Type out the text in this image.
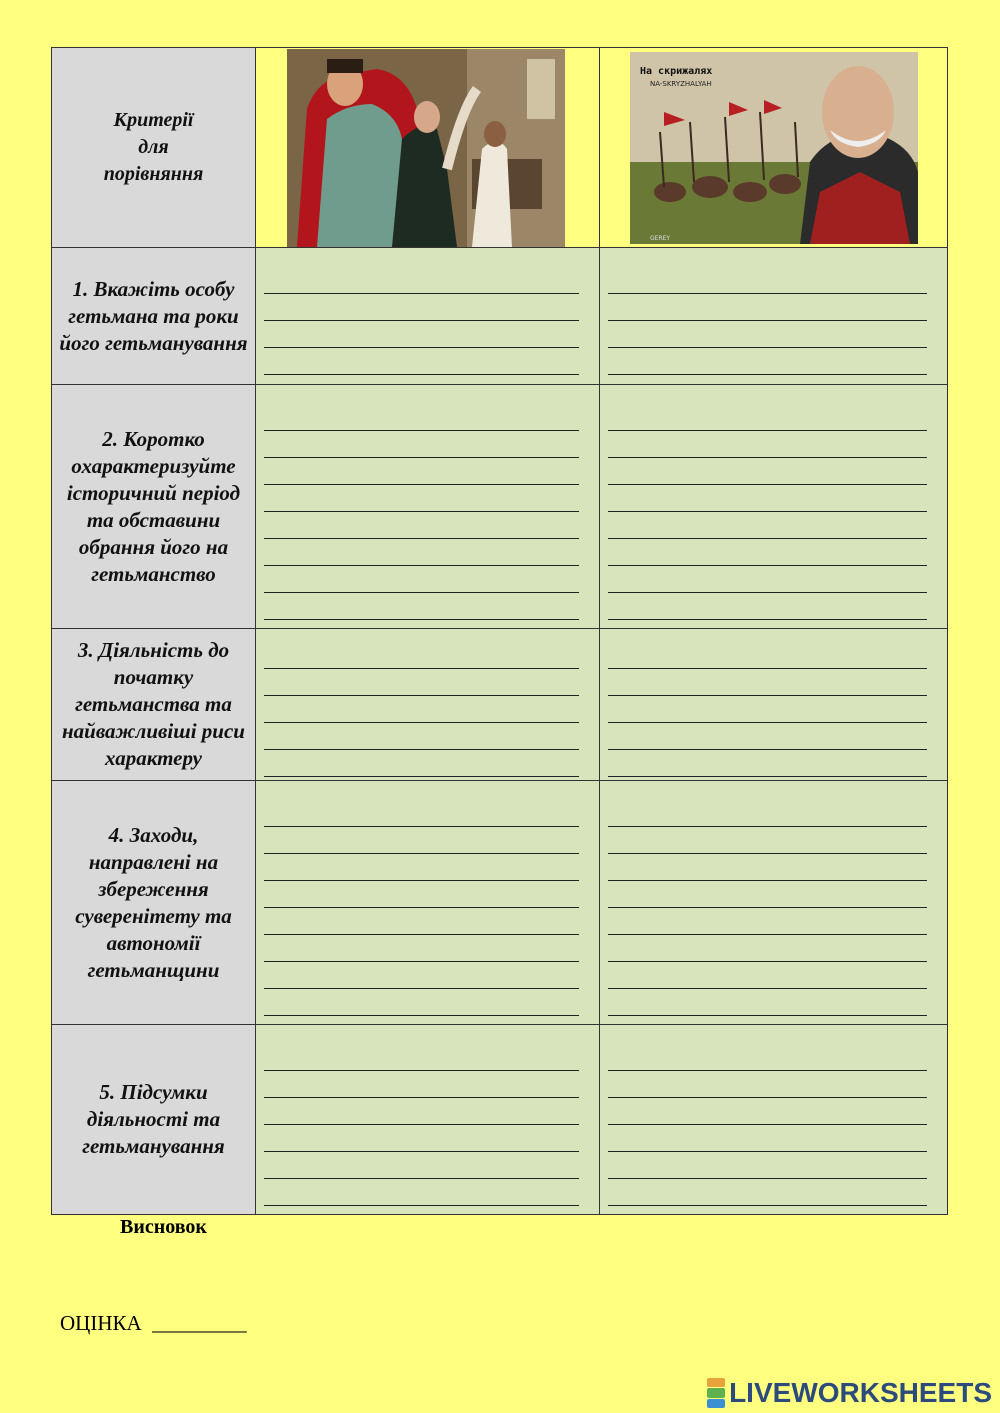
Критерії
для
порівняння		На скрижалях
NA-SKRYZHALYAH
GEREY

1. Вкажіть особу гетьмана та роки його гетьманування		

2. Коротко охарактеризуйте історичний період та обставини обрання його на гетьманство		

3. Діяльність до початку гетьманства та найважливіші риси характеру		

4. Заходи, направлені на збереження суверенітету та автономії гетьманщини		

5. Підсумки діяльності та гетьманування		

Висновок
ОЦІНКА  _________
LIVEWORKSHEETS
